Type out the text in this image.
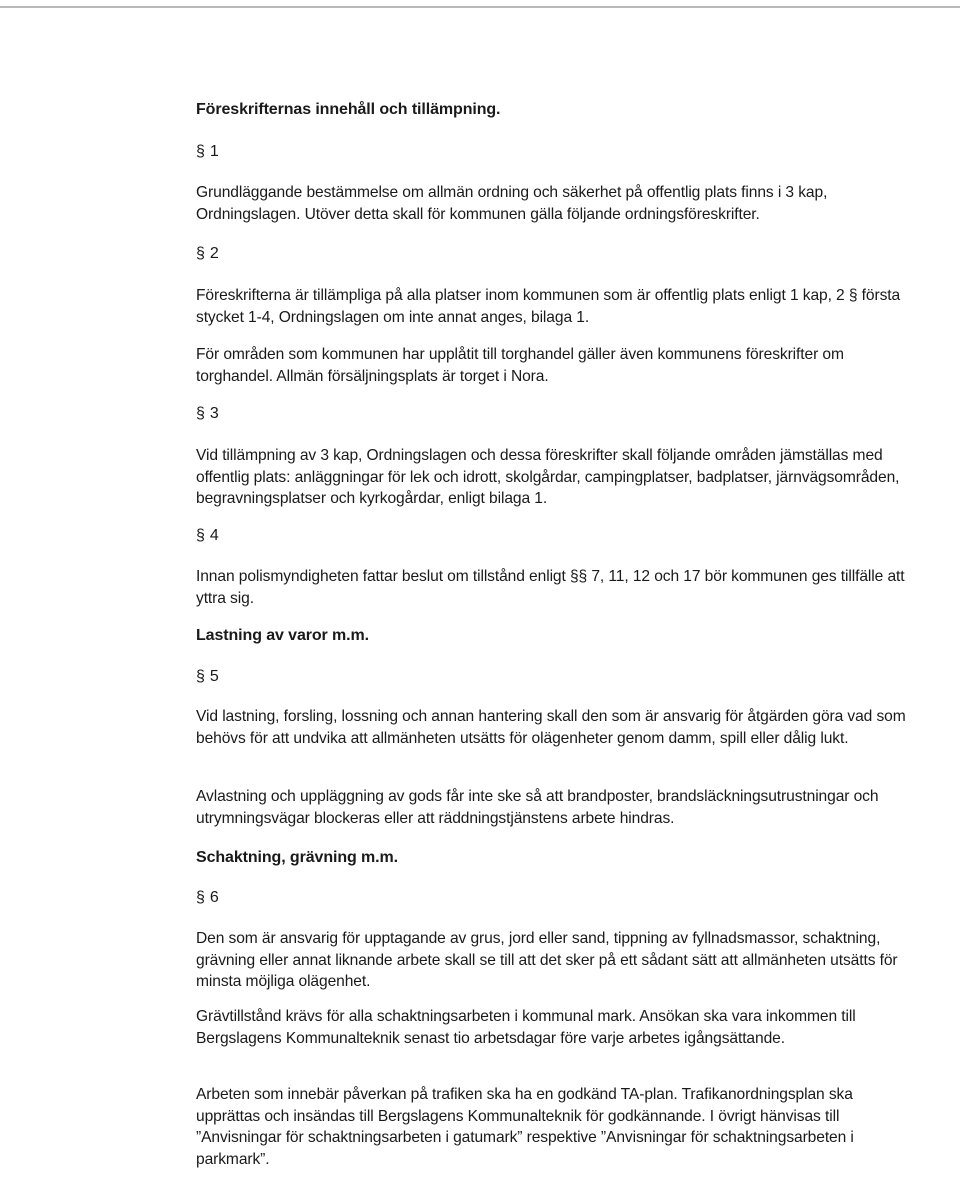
Föreskrifternas innehåll och tillämpning.
§ 1

Grundläggande bestämmelse om allmän ordning och säkerhet på offentlig plats finns i 3 kap, Ordningslagen. Utöver detta skall för kommunen gälla följande ordningsföreskrifter.

§ 2

Föreskrifterna är tillämpliga på alla platser inom kommunen som är offentlig plats enligt 1 kap, 2 § första stycket 1-4, Ordningslagen om inte annat anges, bilaga 1.

För områden som kommunen har upplåtit till torghandel gäller även kommunens föreskrifter om torghandel. Allmän försäljningsplats är torget i Nora.

§ 3

Vid tillämpning av 3 kap, Ordningslagen och dessa föreskrifter skall följande områden jämställas med offentlig plats: anläggningar för lek och idrott, skolgårdar, campingplatser, badplatser, järnvägsområden, begravningsplatser och kyrkogårdar, enligt bilaga 1.

§ 4

Innan polismyndigheten fattar beslut om tillstånd enligt §§ 7, 11, 12 och 17 bör kommunen ges tillfälle att yttra sig.

Lastning av varor m.m.
§ 5

Vid lastning, forsling, lossning och annan hantering skall den som är ansvarig för åtgärden göra vad som behövs för att undvika att allmänheten utsätts för olägenheter genom damm, spill eller dålig lukt.

Avlastning och uppläggning av gods får inte ske så att brandposter, brandsläckningsutrustningar och utrymningsvägar blockeras eller att räddningstjänstens arbete hindras.

Schaktning, grävning m.m.
§ 6

Den som är ansvarig för upptagande av grus, jord eller sand, tippning av fyllnadsmassor, schaktning, grävning eller annat liknande arbete skall se till att det sker på ett sådant sätt att allmänheten utsätts för minsta möjliga olägenhet.

Grävtillstånd krävs för alla schaktningsarbeten i kommunal mark. Ansökan ska vara inkommen till Bergslagens Kommunalteknik senast tio arbetsdagar före varje arbetes igångsättande.

Arbeten som innebär påverkan på trafiken ska ha en godkänd TA-plan. Trafikanordningsplan ska upprättas och insändas till Bergslagens Kommunalteknik för godkännande. I övrigt hänvisas till ”Anvisningar för schaktningsarbeten i gatumark” respektive ”Anvisningar för schaktningsarbeten i parkmark”.
